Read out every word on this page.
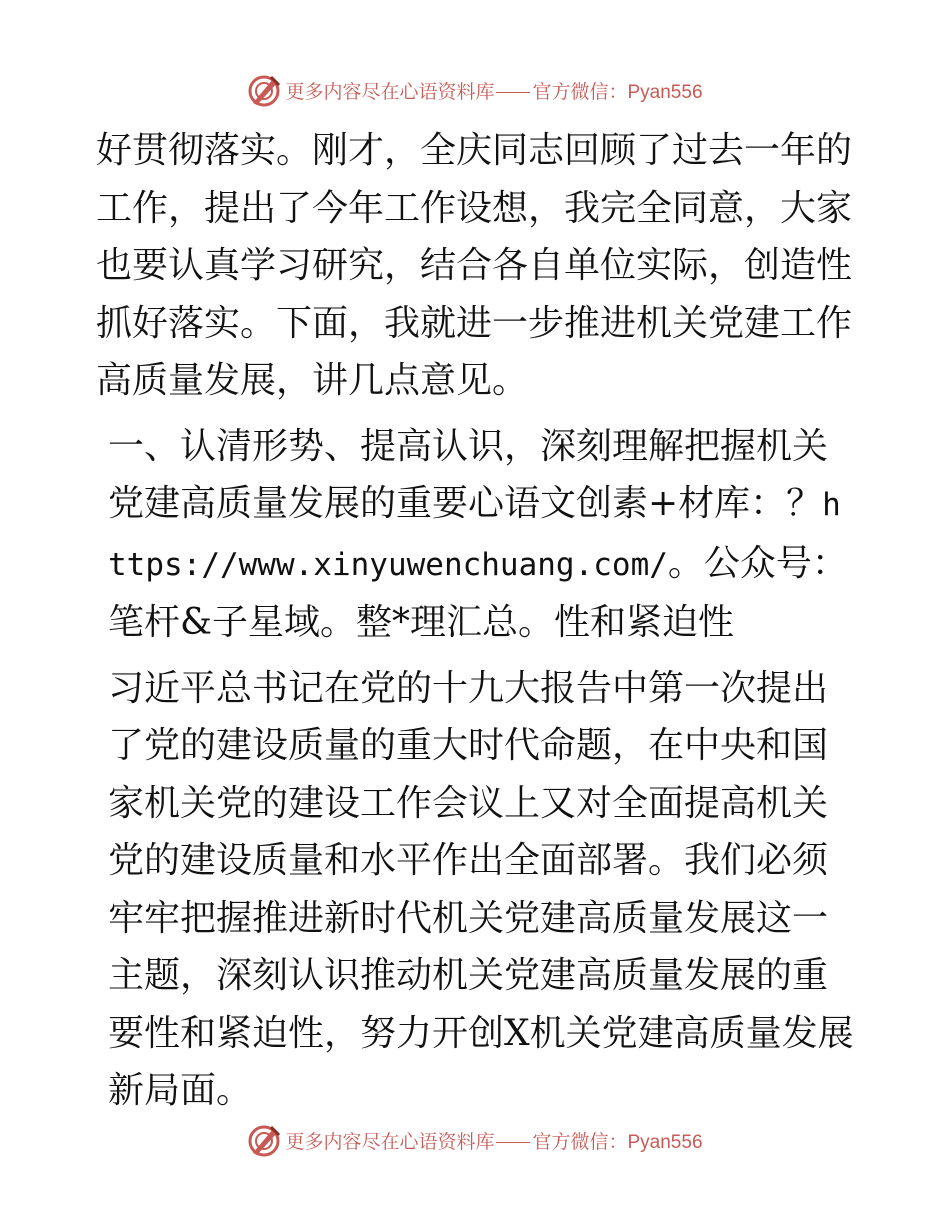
更多内容尽在心语资料库 官方微信：Pyan556

好贯彻落实。刚才，全庆同志回顾了过去一年的工作，提出了今年工作设想，我完全同意，大家也要认真学习研究，结合各自单位实际，创造性抓好落实。下面，我就进一步推进机关党建工作高质量发展，讲几点意见。

一、认清形势、提高认识，深刻理解把握机关党建高质量发展的重要心语文创素+材库：？https://www.xinyuwenchuang.com/。公众号：笔杆&子星域。整*理汇总。性和紧迫性

习近平总书记在党的十九大报告中第一次提出了党的建设质量的重大时代命题，在中央和国家机关党的建设工作会议上又对全面提高机关党的建设质量和水平作出全面部署。我们必须牢牢把握推进新时代机关党建高质量发展这一主题，深刻认识推动机关党建高质量发展的重要性和紧迫性，努力开创X机关党建高质量发展新局面。

更多内容尽在心语资料库 官方微信：Pyan556
